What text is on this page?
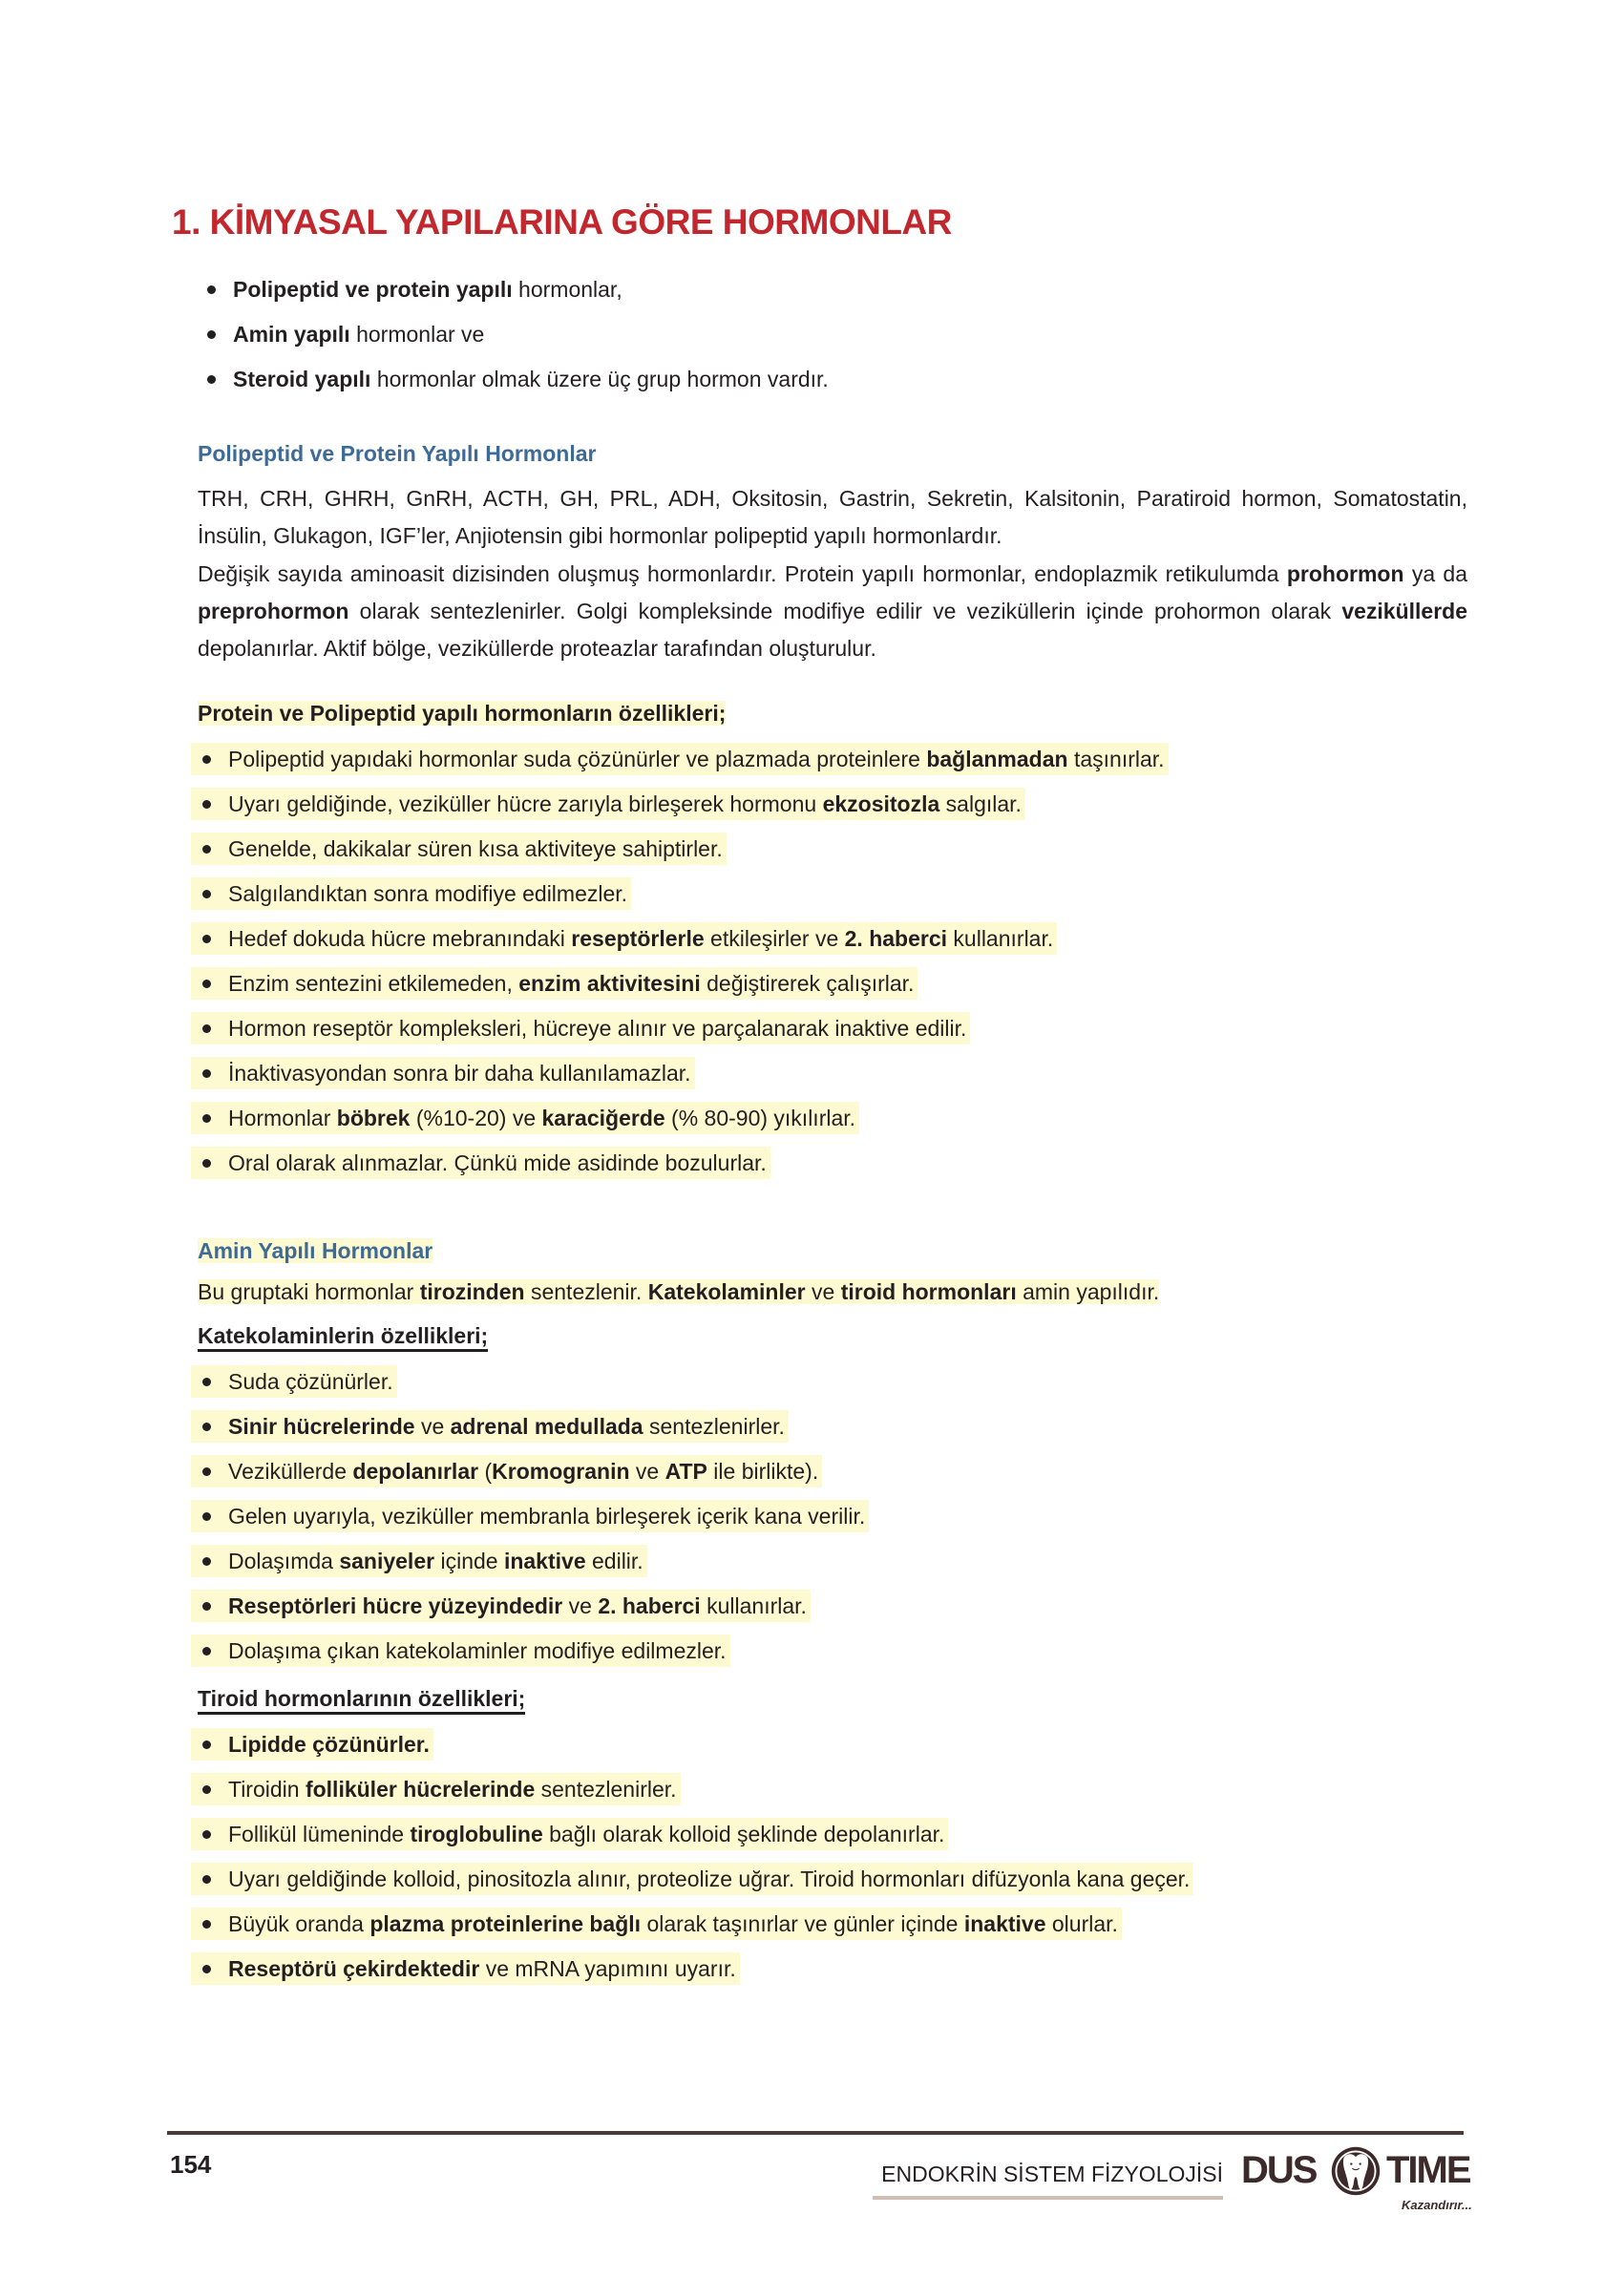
1. KİMYASAL YAPILARINA GÖRE HORMONLAR
Polipeptid ve protein yapılı hormonlar,
Amin yapılı hormonlar ve
Steroid yapılı hormonlar olmak üzere üç grup hormon vardır.
Polipeptid ve Protein Yapılı Hormonlar
TRH, CRH, GHRH, GnRH, ACTH, GH, PRL, ADH, Oksitosin, Gastrin, Sekretin, Kalsitonin, Paratiroid hormon, Somatostatin, İnsülin, Glukagon, IGF’ler, Anjiotensin gibi hormonlar polipeptid yapılı hormonlardır.
Değişik sayıda aminoasit dizisinden oluşmuş hormonlardır. Protein yapılı hormonlar, endoplazmik retikulumda prohormon ya da preprohormon olarak sentezlenirler. Golgi kompleksinde modifiye edilir ve veziküllerin içinde prohormon olarak veziküllerde depolanırlar. Aktif bölge, veziküllerde proteazlar tarafından oluşturulur.
Protein ve Polipeptid yapılı hormonların özellikleri;
Polipeptid yapıdaki hormonlar suda çözünürler ve plazmada proteinlere bağlanmadan taşınırlar.
Uyarı geldiğinde, veziküller hücre zarıyla birleşerek hormonu ekzositozla salgılar.
Genelde, dakikalar süren kısa aktiviteye sahiptirler.
Salgılandıktan sonra modifiye edilmezler.
Hedef dokuda hücre mebranındaki reseptörlerle etkileşirler ve 2. haberci kullanırlar.
Enzim sentezini etkilemeden, enzim aktivitesini değiştirerek çalışırlar.
Hormon reseptör kompleksleri, hücreye alınır ve parçalanarak inaktive edilir.
İnaktivasyondan sonra bir daha kullanılamazlar.
Hormonlar böbrek (%10-20) ve karaciğerde (% 80-90) yıkılırlar.
Oral olarak alınmazlar. Çünkü mide asidinde bozulurlar.
Amin Yapılı Hormonlar
Bu gruptaki hormonlar tirozinden sentezlenir. Katekolaminler ve tiroid hormonları amin yapılıdır.
Katekolaminlerin özellikleri;
Suda çözünürler.
Sinir hücrelerinde ve adrenal medullada sentezlenirler.
Veziküllerde depolanırlar (Kromogranin ve ATP ile birlikte).
Gelen uyarıyla, veziküller membranla birleşerek içerik kana verilir.
Dolaşımda saniyeler içinde inaktive edilir.
Reseptörleri hücre yüzeyindedir ve 2. haberci kullanırlar.
Dolaşıma çıkan katekolaminler modifiye edilmezler.
Tiroid hormonlarının özellikleri;
Lipidde çözünürler.
Tiroidin folliküler hücrelerinde sentezlenirler.
Follikül lümeninde tiroglobuline bağlı olarak kolloid şeklinde depolanırlar.
Uyarı geldiğinde kolloid, pinositozla alınır, proteolize uğrar. Tiroid hormonları difüzyonla kana geçer.
Büyük oranda plazma proteinlerine bağlı olarak taşınırlar ve günler içinde inaktive olurlar.
Reseptörü çekirdektedir ve mRNA yapımını uyarır.
154	ENDOKRİN SİSTEM FİZYOLOJİSİ DUS TIME
Kazandırır...
